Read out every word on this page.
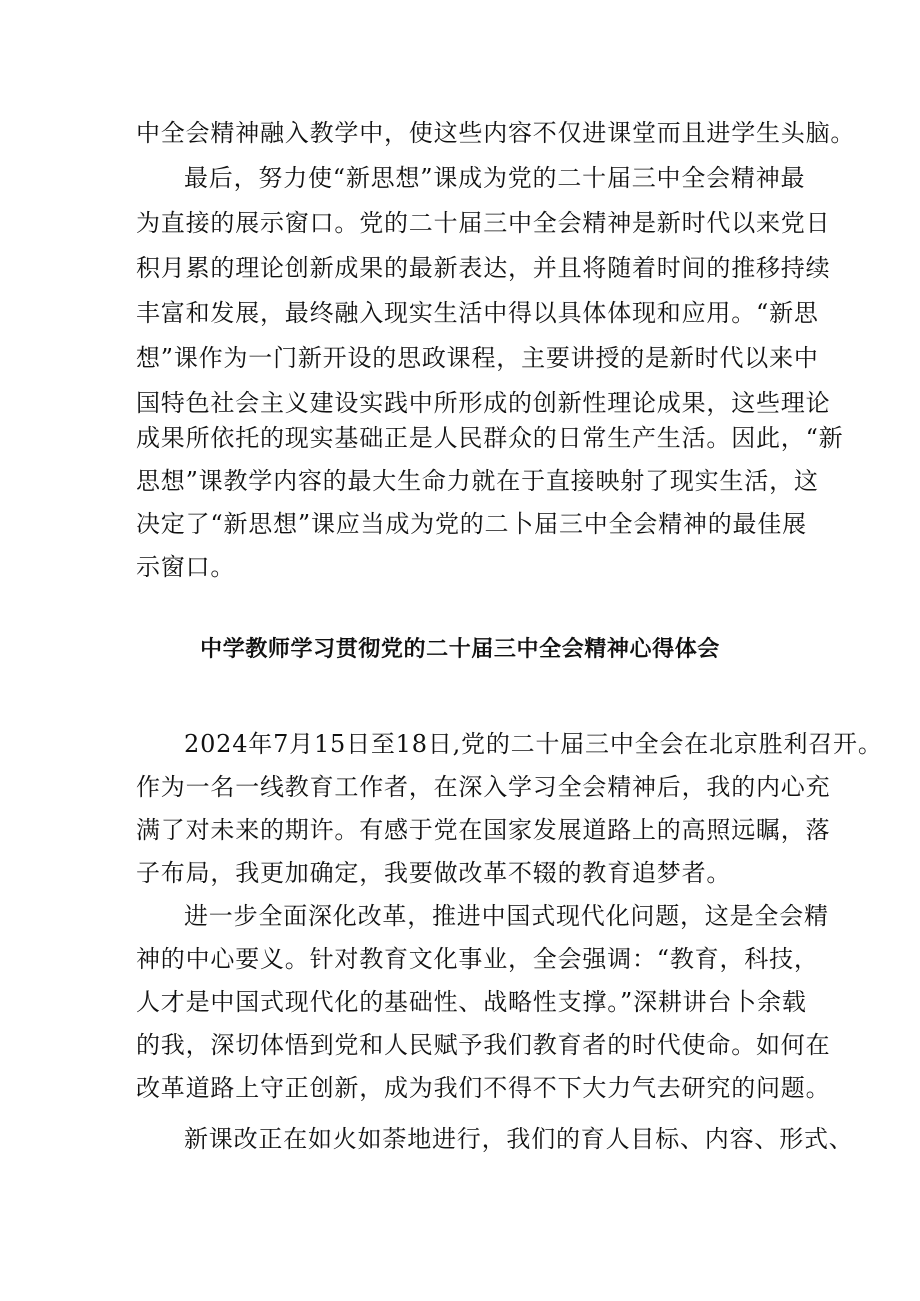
中全会精神融入教学中，使这些内容不仅进课堂而且进学生头脑。
最后，努力使“新思想”课成为党的二十届三中全会精神最
为直接的展示窗口。党的二十届三中全会精神是新时代以来党日
积月累的理论创新成果的最新表达，并且将随着时间的推移持续
丰富和发展，最终融入现实生活中得以具体体现和应用。“新思
想”课作为一门新开设的思政课程，主要讲授的是新时代以来中
国特色社会主义建设实践中所形成的创新性理论成果，这些理论
成果所依托的现实基础正是人民群众的日常生产生活。因此，“新
思想”课教学内容的最大生命力就在于直接映射了现实生活，这
决定了“新思想”课应当成为党的二卜届三中全会精神的最佳展
示窗口。
中学教师学习贯彻党的二十届三中全会精神心得体会
2024年7月15日至18日,党的二十届三中全会在北京胜利召开。
作为一名一线教育工作者，在深入学习全会精神后，我的内心充
满了对未来的期许。有感于党在国家发展道路上的高照远瞩，落
子布局，我更加确定，我要做改革不辍的教育追梦者。
进一步全面深化改革，推进中国式现代化问题，这是全会精
神的中心要义。针对教育文化事业，全会强调：“教育，科技，
人才是中国式现代化的基础性、战略性支撑。”深耕讲台卜余载
的我，深切体悟到党和人民赋予我们教育者的时代使命。如何在
改革道路上守正创新，成为我们不得不下大力气去研究的问题。
新课改正在如火如荼地进行，我们的育人目标、内容、形式、
